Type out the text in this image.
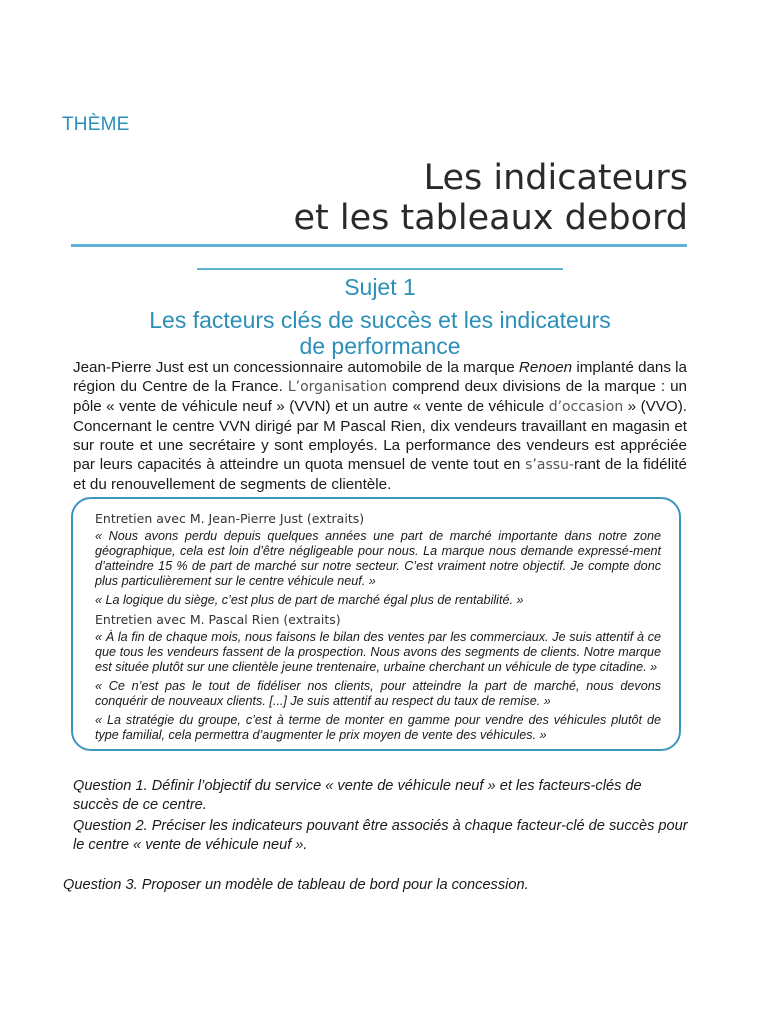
THÈME
Les indicateurs
et les tableaux debord
Sujet 1
Les facteurs clés de succès et les indicateurs
de performance
Jean-Pierre Just est un concessionnaire automobile de la marque Renoen implanté dans la région du Centre de la France. L’organisation comprend deux divisions de la marque : un pôle « vente de véhicule neuf » (VVN) et un autre « vente de véhicule d’occasion » (VVO). Concernant le centre VVN dirigé par M Pascal Rien, dix vendeurs travaillant en magasin et sur route et une secrétaire y sont employés. La performance des vendeurs est appréciée par leurs capacités à atteindre un quota mensuel de vente tout en s’assu-rant de la fidélité et du renouvellement de segments de clientèle.
Entretien avec M. Jean-Pierre Just (extraits)
« Nous avons perdu depuis quelques années une part de marché importante dans notre zone géographique, cela est loin d’être négligeable pour nous. La marque nous demande expressé-ment d’atteindre 15 % de part de marché sur notre secteur. C’est vraiment notre objectif. Je compte donc plus particulièrement sur le centre véhicule neuf. »
« La logique du siège, c’est plus de part de marché égal plus de rentabilité. »
Entretien avec M. Pascal Rien (extraits)
« À la fin de chaque mois, nous faisons le bilan des ventes par les commerciaux. Je suis attentif à ce que tous les vendeurs fassent de la prospection. Nous avons des segments de clients. Notre marque est située plutôt sur une clientèle jeune trentenaire, urbaine cherchant un véhicule de type citadine. »
« Ce n’est pas le tout de fidéliser nos clients, pour atteindre la part de marché, nous devons conquérir de nouveaux clients. [...] Je suis attentif au respect du taux de remise. »
« La stratégie du groupe, c’est à terme de monter en gamme pour vendre des véhicules plutôt de type familial, cela permettra d’augmenter le prix moyen de vente des véhicules. »
Question 1. Définir l’objectif du service « vente de véhicule neuf » et les facteurs-clés de succès de ce centre.
Question 2. Préciser les indicateurs pouvant être associés à chaque facteur-clé de succès pour le centre « vente de véhicule neuf ».
Question 3. Proposer un modèle de tableau de bord pour la concession.
